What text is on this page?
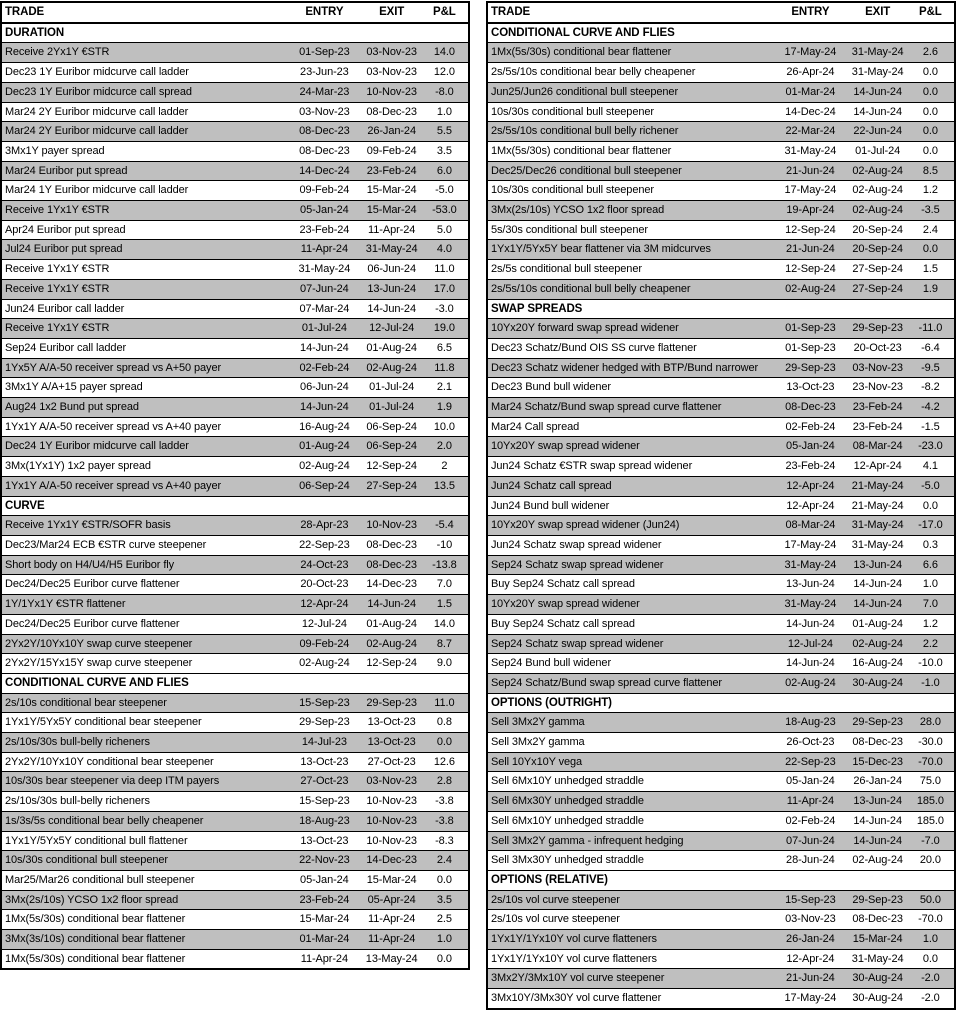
TRADE	ENTRY	EXIT	P&L
DURATION			
Receive 2Yx1Y €STR	01-Sep-23	03-Nov-23	14.0
Dec23 1Y Euribor midcurve call ladder	23-Jun-23	03-Nov-23	12.0
Dec23 1Y Euribor midcurce call spread	24-Mar-23	10-Nov-23	-8.0
Mar24 2Y Euribor midcurve call ladder	03-Nov-23	08-Dec-23	1.0
Mar24 2Y Euribor midcurve call ladder	08-Dec-23	26-Jan-24	5.5
3Mx1Y payer spread	08-Dec-23	09-Feb-24	3.5
Mar24 Euribor put spread	14-Dec-24	23-Feb-24	6.0
Mar24 1Y Euribor midcurve call ladder	09-Feb-24	15-Mar-24	-5.0
Receive 1Yx1Y €STR	05-Jan-24	15-Mar-24	-53.0
Apr24 Euribor put spread	23-Feb-24	11-Apr-24	5.0
Jul24 Euribor put spread	11-Apr-24	31-May-24	4.0
Receive 1Yx1Y €STR	31-May-24	06-Jun-24	11.0
Receive 1Yx1Y €STR	07-Jun-24	13-Jun-24	17.0
Jun24 Euribor call ladder	07-Mar-24	14-Jun-24	-3.0
Receive 1Yx1Y €STR	01-Jul-24	12-Jul-24	19.0
Sep24 Euribor call ladder	14-Jun-24	01-Aug-24	6.5
1Yx5Y A/A-50 receiver spread vs A+50 payer	02-Feb-24	02-Aug-24	11.8
3Mx1Y A/A+15 payer spread	06-Jun-24	01-Jul-24	2.1
Aug24 1x2 Bund put spread	14-Jun-24	01-Jul-24	1.9
1Yx1Y A/A-50 receiver spread vs A+40 payer	16-Aug-24	06-Sep-24	10.0
Dec24 1Y Euribor midcurve call ladder	01-Aug-24	06-Sep-24	2.0
3Mx(1Yx1Y) 1x2 payer spread	02-Aug-24	12-Sep-24	2
1Yx1Y A/A-50 receiver spread vs A+40 payer	06-Sep-24	27-Sep-24	13.5
CURVE			
Receive 1Yx1Y €STR/SOFR basis	28-Apr-23	10-Nov-23	-5.4
Dec23/Mar24 ECB €STR curve steepener	22-Sep-23	08-Dec-23	-10
Short body on H4/U4/H5 Euribor fly	24-Oct-23	08-Dec-23	-13.8
Dec24/Dec25 Euribor curve flattener	20-Oct-23	14-Dec-23	7.0
1Y/1Yx1Y €STR flattener	12-Apr-24	14-Jun-24	1.5
Dec24/Dec25 Euribor curve flattener	12-Jul-24	01-Aug-24	14.0
2Yx2Y/10Yx10Y swap curve steepener	09-Feb-24	02-Aug-24	8.7
2Yx2Y/15Yx15Y swap curve steepener	02-Aug-24	12-Sep-24	9.0
CONDITIONAL CURVE AND FLIES			
2s/10s conditional bear steepener	15-Sep-23	29-Sep-23	11.0
1Yx1Y/5Yx5Y conditional bear steepener	29-Sep-23	13-Oct-23	0.8
2s/10s/30s bull-belly richeners	14-Jul-23	13-Oct-23	0.0
2Yx2Y/10Yx10Y conditional bear steepener	13-Oct-23	27-Oct-23	12.6
10s/30s bear steepener via deep ITM payers	27-Oct-23	03-Nov-23	2.8
2s/10s/30s bull-belly richeners	15-Sep-23	10-Nov-23	-3.8
1s/3s/5s conditional bear belly cheapener	18-Aug-23	10-Nov-23	-3.8
1Yx1Y/5Yx5Y conditional bull flattener	13-Oct-23	10-Nov-23	-8.3
10s/30s conditional bull steepener	22-Nov-23	14-Dec-23	2.4
Mar25/Mar26 conditional bull steepener	05-Jan-24	15-Mar-24	0.0
3Mx(2s/10s) YCSO 1x2 floor spread	23-Feb-24	05-Apr-24	3.5
1Mx(5s/30s) conditional bear flattener	15-Mar-24	11-Apr-24	2.5
3Mx(3s/10s) conditional bear flattener	01-Mar-24	11-Apr-24	1.0
1Mx(5s/30s) conditional bear flattener	11-Apr-24	13-May-24	0.0
TRADE	ENTRY	EXIT	P&L
CONDITIONAL CURVE AND FLIES			
1Mx(5s/30s) conditional bear flattener	17-May-24	31-May-24	2.6
2s/5s/10s conditional bear belly cheapener	26-Apr-24	31-May-24	0.0
Jun25/Jun26 conditional bull steepener	01-Mar-24	14-Jun-24	0.0
10s/30s conditional bull steepener	14-Dec-24	14-Jun-24	0.0
2s/5s/10s conditional bull belly richener	22-Mar-24	22-Jun-24	0.0
1Mx(5s/30s) conditional bear flattener	31-May-24	01-Jul-24	0.0
Dec25/Dec26 conditional bull steepener	21-Jun-24	02-Aug-24	8.5
10s/30s conditional bull steepener	17-May-24	02-Aug-24	1.2
3Mx(2s/10s) YCSO 1x2 floor spread	19-Apr-24	02-Aug-24	-3.5
5s/30s conditional bull steepener	12-Sep-24	20-Sep-24	2.4
1Yx1Y/5Yx5Y bear flattener via 3M midcurves	21-Jun-24	20-Sep-24	0.0
2s/5s conditional bull steepener	12-Sep-24	27-Sep-24	1.5
2s/5s/10s conditional bull belly cheapener	02-Aug-24	27-Sep-24	1.9
SWAP SPREADS			
10Yx20Y forward swap spread widener	01-Sep-23	29-Sep-23	-11.0
Dec23 Schatz/Bund OIS SS curve flattener	01-Sep-23	20-Oct-23	-6.4
Dec23 Schatz widener hedged with BTP/Bund narrower	29-Sep-23	03-Nov-23	-9.5
Dec23 Bund bull widener	13-Oct-23	23-Nov-23	-8.2
Mar24 Schatz/Bund swap spread curve flattener	08-Dec-23	23-Feb-24	-4.2
Mar24 Call spread	02-Feb-24	23-Feb-24	-1.5
10Yx20Y swap spread widener	05-Jan-24	08-Mar-24	-23.0
Jun24 Schatz €STR swap spread widener	23-Feb-24	12-Apr-24	4.1
Jun24 Schatz call spread	12-Apr-24	21-May-24	-5.0
Jun24 Bund bull widener	12-Apr-24	21-May-24	0.0
10Yx20Y swap spread widener (Jun24)	08-Mar-24	31-May-24	-17.0
Jun24 Schatz swap spread widener	17-May-24	31-May-24	0.3
Sep24 Schatz swap spread widener	31-May-24	13-Jun-24	6.6
Buy Sep24 Schatz call spread	13-Jun-24	14-Jun-24	1.0
10Yx20Y swap spread widener	31-May-24	14-Jun-24	7.0
Buy Sep24 Schatz call spread	14-Jun-24	01-Aug-24	1.2
Sep24 Schatz swap spread widener	12-Jul-24	02-Aug-24	2.2
Sep24 Bund bull widener	14-Jun-24	16-Aug-24	-10.0
Sep24 Schatz/Bund swap spread curve flattener	02-Aug-24	30-Aug-24	-1.0
OPTIONS (OUTRIGHT)			
Sell 3Mx2Y gamma	18-Aug-23	29-Sep-23	28.0
Sell 3Mx2Y gamma	26-Oct-23	08-Dec-23	-30.0
Sell 10Yx10Y vega	22-Sep-23	15-Dec-23	-70.0
Sell 6Mx10Y unhedged straddle	05-Jan-24	26-Jan-24	75.0
Sell 6Mx30Y unhedged straddle	11-Apr-24	13-Jun-24	185.0
Sell 6Mx10Y unhedged straddle	02-Feb-24	14-Jun-24	185.0
Sell 3Mx2Y gamma - infrequent hedging	07-Jun-24	14-Jun-24	-7.0
Sell 3Mx30Y unhedged straddle	28-Jun-24	02-Aug-24	20.0
OPTIONS (RELATIVE)			
2s/10s vol curve steepener	15-Sep-23	29-Sep-23	50.0
2s/10s vol curve steepener	03-Nov-23	08-Dec-23	-70.0
1Yx1Y/1Yx10Y vol curve flatteners	26-Jan-24	15-Mar-24	1.0
1Yx1Y/1Yx10Y vol curve flatteners	12-Apr-24	31-May-24	0.0
3Mx2Y/3Mx10Y vol curve steepener	21-Jun-24	30-Aug-24	-2.0
3Mx10Y/3Mx30Y vol curve flattener	17-May-24	30-Aug-24	-2.0
